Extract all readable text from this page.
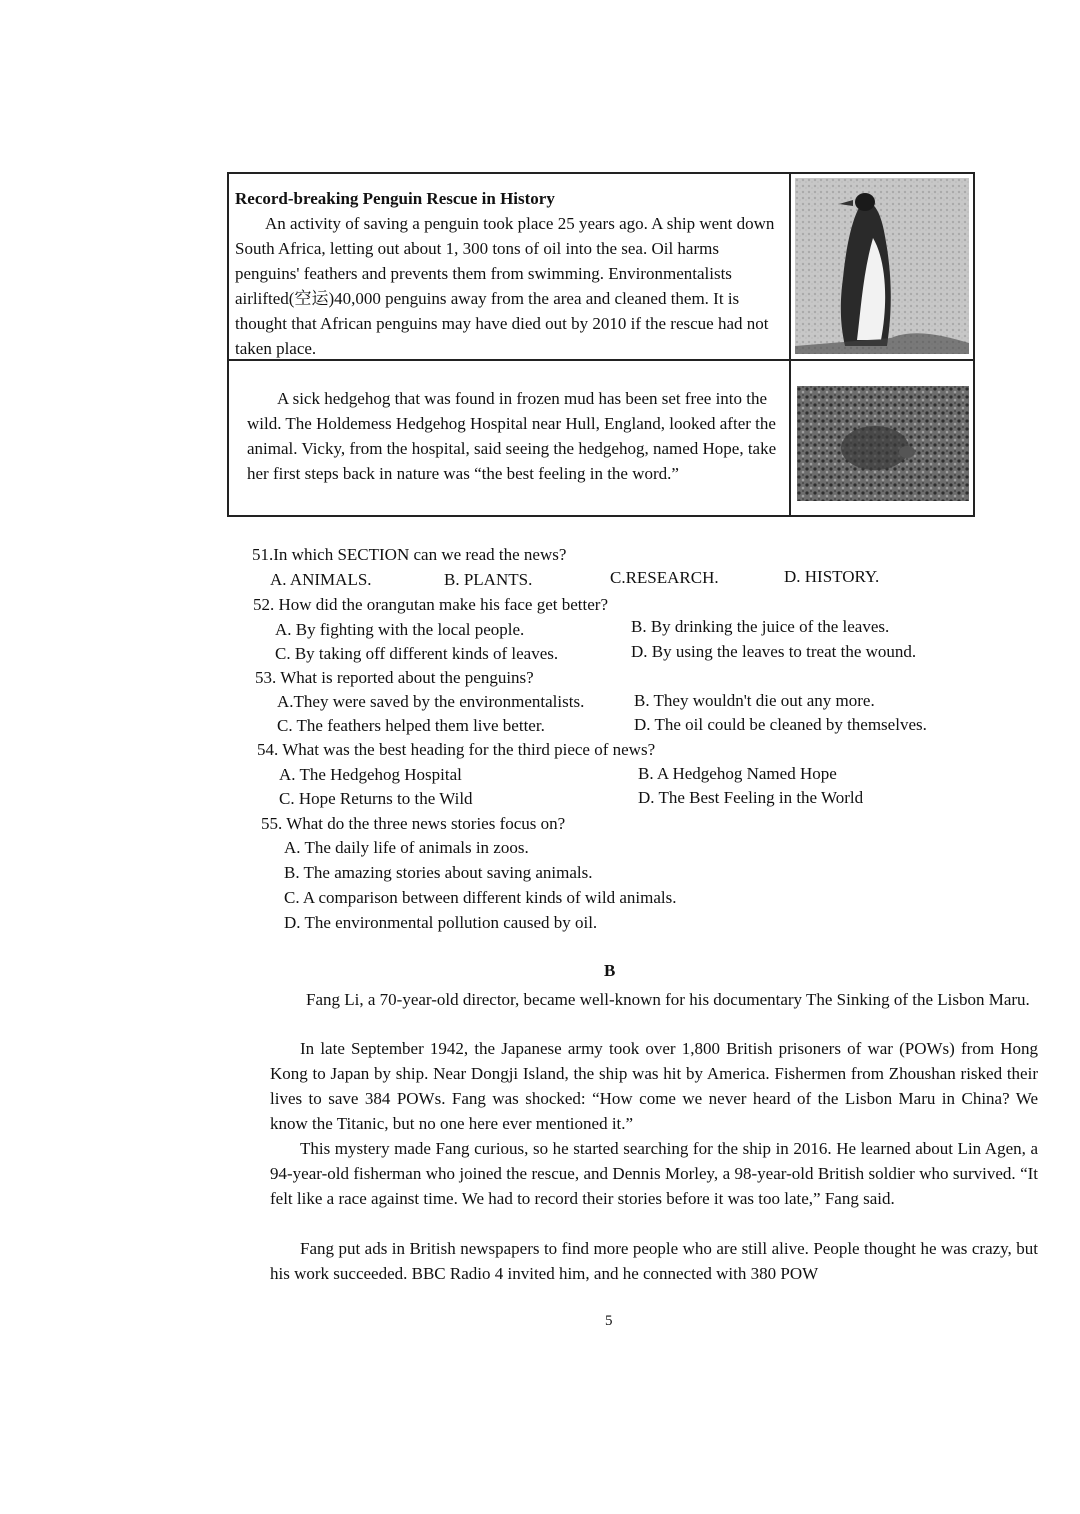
Record-breaking Penguin Rescue in History
An activity of saving a penguin took place 25 years ago. A ship went down South Africa, letting out about 1, 300 tons of oil into the sea. Oil harms penguins' feathers and prevents them from swimming. Environmentalists airlifted(空运)40,000 penguins away from the area and cleaned them. It is thought that African penguins may have died out by 2010 if the rescue had not taken place.
A sick hedgehog that was found in frozen mud has been set free into the wild. The Holdemess Hedgehog Hospital near Hull, England, looked after the animal. Vicky, from the hospital, said seeing the hedgehog, named Hope, take her first steps back in nature was “the best feeling in the word.”
51.In which SECTION can we read the news?
A. ANIMALS.	B. PLANTS.	C.RESEARCH.	D. HISTORY.
52. How did the orangutan make his face get better?
A. By fighting with the local people.	B. By drinking the juice of the leaves.
C. By taking off different kinds of leaves.	D. By using the leaves to treat the wound.
53. What is reported about the penguins?
A.They were saved by the environmentalists.	B. They wouldn't die out any more.
C. The feathers helped them live better.	D. The oil could be cleaned by themselves.
54. What was the best heading for the third piece of news?
A. The Hedgehog Hospital	B. A Hedgehog Named Hope
C. Hope Returns to the Wild	D. The Best Feeling in the World
55. What do the three news stories focus on?
A. The daily life of animals in zoos.
B. The amazing stories about saving animals.
C. A comparison between different kinds of wild animals.
D. The environmental pollution caused by oil.
B
Fang Li, a 70-year-old director, became well-known for his documentary The Sinking of the Lisbon Maru.
In late September 1942, the Japanese army took over 1,800 British prisoners of war (POWs) from Hong Kong to Japan by ship. Near Dongji Island, the ship was hit by America. Fishermen from Zhoushan risked their lives to save 384 POWs. Fang was shocked: “How come we never heard of the Lisbon Maru in China? We know the Titanic, but no one here ever mentioned it.”
This mystery made Fang curious, so he started searching for the ship in 2016. He learned about Lin Agen, a 94-year-old fisherman who joined the rescue, and Dennis Morley, a 98-year-old British soldier who survived. “It felt like a race against time. We had to record their stories before it was too late,” Fang said.
Fang put ads in British newspapers to find more people who are still alive. People thought he was crazy, but his work succeeded. BBC Radio 4 invited him, and he connected with 380 POW
5
